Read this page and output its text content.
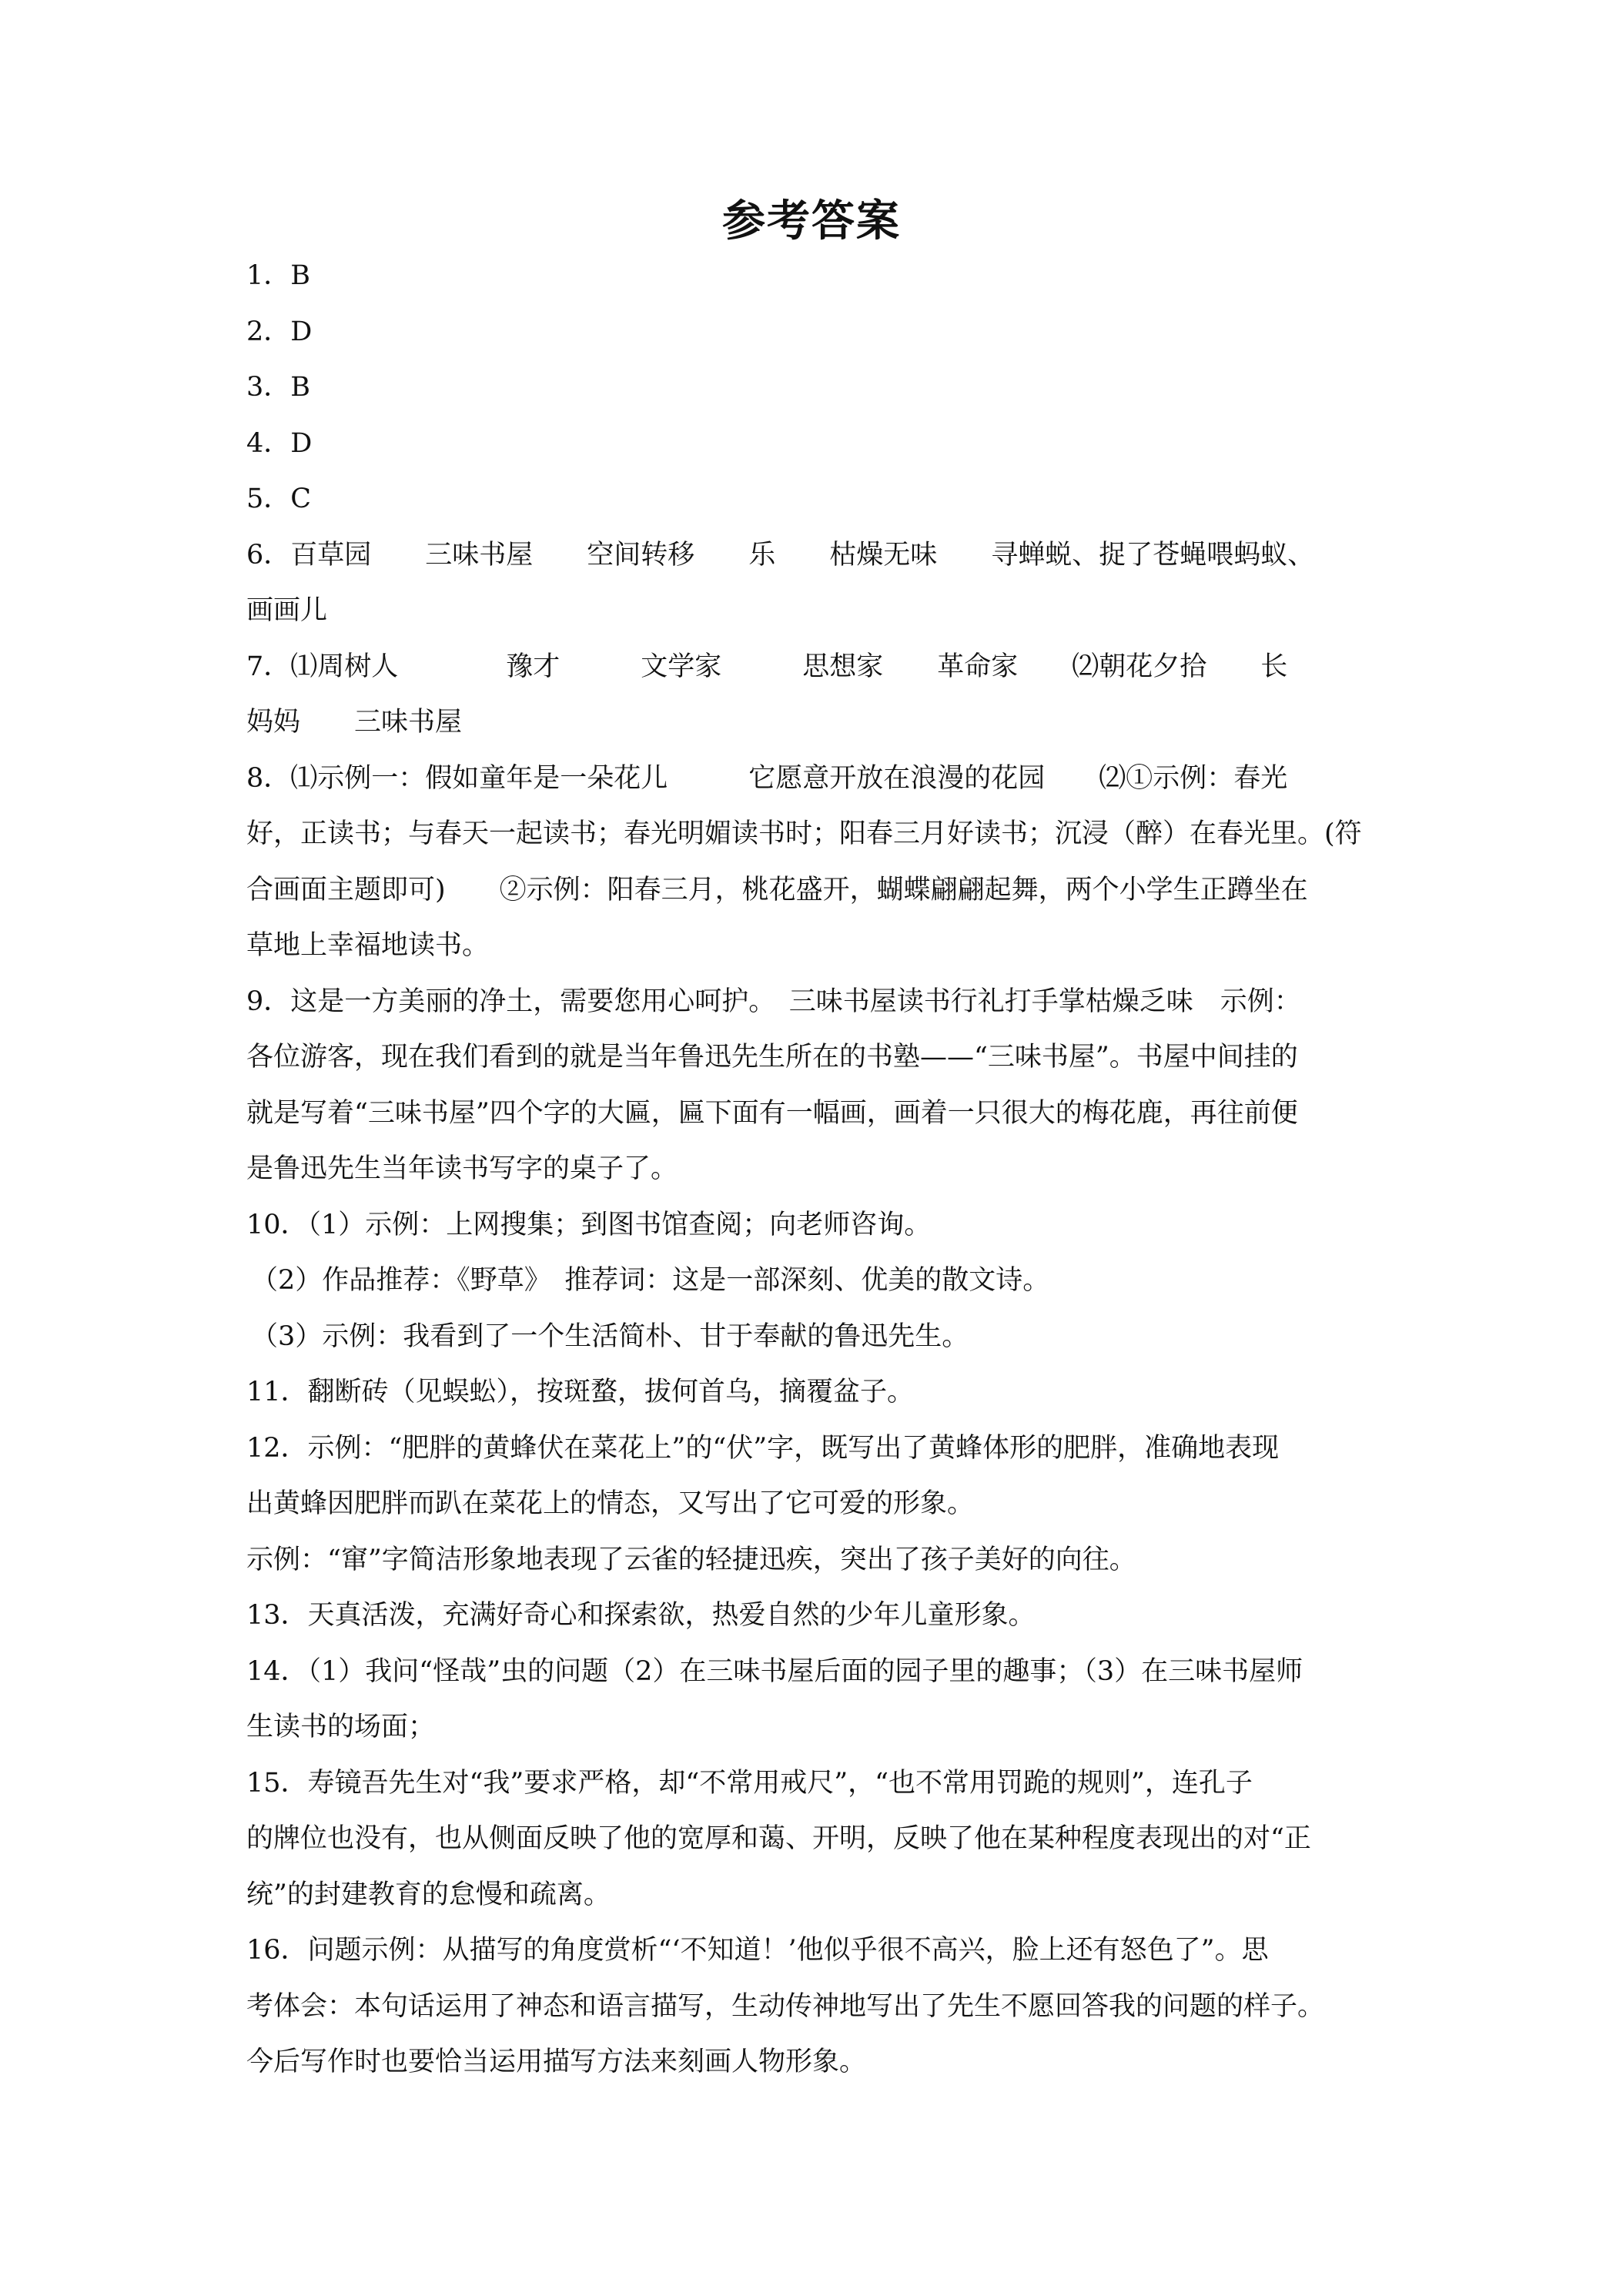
参考答案

1．B

2．D

3．B

4．D

5．C

6．百草园　　三味书屋　　空间转移　　乐　　枯燥无味　　寻蝉蜕、捉了苍蝇喂蚂蚁、

画画儿

7．⑴周树人　　　　豫才　　　文学家　　　思想家　　革命家　　⑵朝花夕拾　　长

妈妈　　三味书屋

8．⑴示例一：假如童年是一朵花儿　　　它愿意开放在浪漫的花园　　⑵①示例：春光

好，正读书；与春天一起读书；春光明媚读书时；阳春三月好读书；沉浸（醉）在春光里。(符

合画面主题即可)　　②示例：阳春三月，桃花盛开，蝴蝶翩翩起舞，两个小学生正蹲坐在

草地上幸福地读书。

9．这是一方美丽的净土，需要您用心呵护。　三味书屋读书行礼打手掌枯燥乏味　示例：

各位游客，现在我们看到的就是当年鲁迅先生所在的书塾——“三味书屋”。书屋中间挂的

就是写着“三味书屋”四个字的大匾，匾下面有一幅画，画着一只很大的梅花鹿，再往前便

是鲁迅先生当年读书写字的桌子了。

10．（1）示例：上网搜集；到图书馆查阅；向老师咨询。

（2）作品推荐：《野草》　推荐词：这是一部深刻、优美的散文诗。

（3）示例：我看到了一个生活简朴、甘于奉献的鲁迅先生。

11．翻断砖（见蜈蚣），按斑蝥，拔何首乌，摘覆盆子。

12．示例：“肥胖的黄蜂伏在菜花上”的“伏”字，既写出了黄蜂体形的肥胖，准确地表现

出黄蜂因肥胖而趴在菜花上的情态，又写出了它可爱的形象。

示例：“窜”字简洁形象地表现了云雀的轻捷迅疾，突出了孩子美好的向往。

13．天真活泼，充满好奇心和探索欲，热爱自然的少年儿童形象。

14．（1）我问“怪哉”虫的问题（2）在三味书屋后面的园子里的趣事；（3）在三味书屋师

生读书的场面；

15．寿镜吾先生对“我”要求严格，却“不常用戒尺”，“也不常用罚跪的规则”，连孔子

的牌位也没有，也从侧面反映了他的宽厚和蔼、开明，反映了他在某种程度表现出的对“正

统”的封建教育的怠慢和疏离。

16．问题示例：从描写的角度赏析“‘不知道！’他似乎很不高兴，脸上还有怒色了”。思

考体会：本句话运用了神态和语言描写，生动传神地写出了先生不愿回答我的问题的样子。

今后写作时也要恰当运用描写方法来刻画人物形象。
